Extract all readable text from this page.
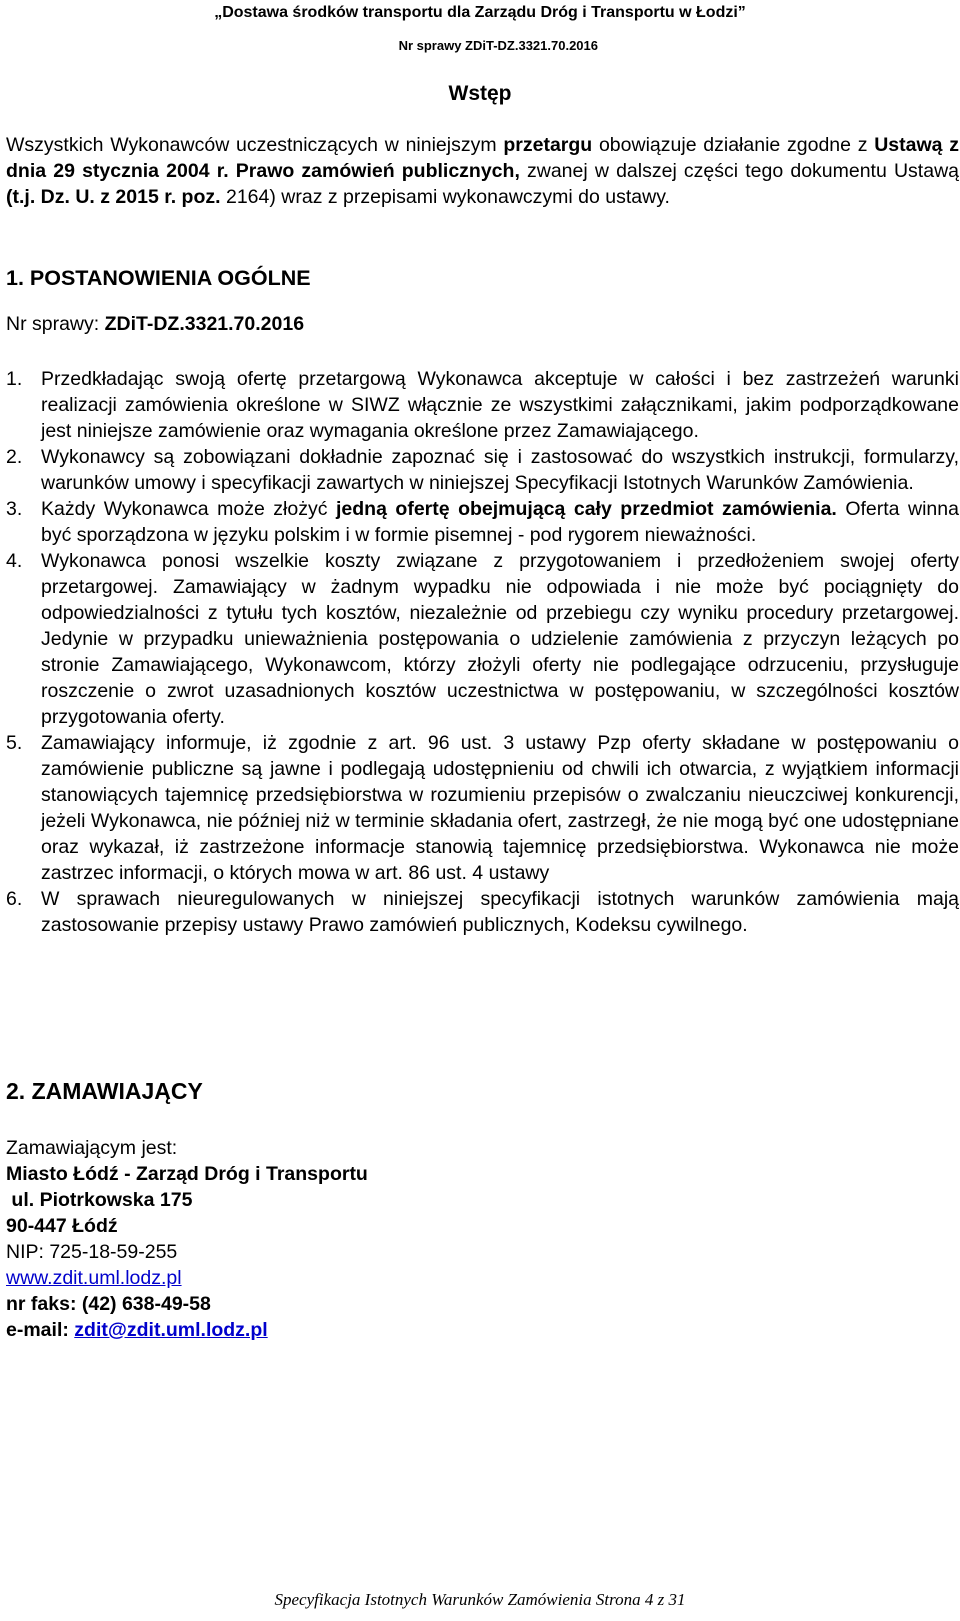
„Dostawa środków transportu dla Zarządu Dróg i Transportu w Łodzi”
Nr sprawy ZDiT-DZ.3321.70.2016
Wstęp
Wszystkich Wykonawców uczestniczących w niniejszym przetargu obowiązuje działanie zgodne z Ustawą z dnia 29 stycznia 2004 r. Prawo zamówień publicznych, zwanej w dalszej części tego dokumentu Ustawą (t.j. Dz. U. z 2015 r. poz. 2164) wraz z przepisami wykonawczymi do ustawy.
1. POSTANOWIENIA OGÓLNE
Nr sprawy: ZDiT-DZ.3321.70.2016
1. Przedkładając swoją ofertę przetargową Wykonawca akceptuje w całości i bez zastrzeżeń warunki realizacji zamówienia określone w SIWZ włącznie ze wszystkimi załącznikami, jakim podporządkowane jest niniejsze zamówienie oraz wymagania określone przez Zamawiającego.
2. Wykonawcy są zobowiązani dokładnie zapoznać się i zastosować do wszystkich instrukcji, formularzy, warunków umowy i specyfikacji zawartych w niniejszej Specyfikacji Istotnych Warunków Zamówienia.
3. Każdy Wykonawca może złożyć jedną ofertę obejmującą cały przedmiot zamówienia. Oferta winna być sporządzona w języku polskim i w formie pisemnej - pod rygorem nieważności.
4. Wykonawca ponosi wszelkie koszty związane z przygotowaniem i przedłożeniem swojej oferty przetargowej. Zamawiający w żadnym wypadku nie odpowiada i nie może być pociągnięty do odpowiedzialności z tytułu tych kosztów, niezależnie od przebiegu czy wyniku procedury przetargowej. Jedynie w przypadku unieważnienia postępowania o udzielenie zamówienia z przyczyn leżących po stronie Zamawiającego, Wykonawcom, którzy złożyli oferty nie podlegające odrzuceniu, przysługuje roszczenie o zwrot uzasadnionych kosztów uczestnictwa w postępowaniu, w szczególności kosztów przygotowania oferty.
5. Zamawiający informuje, iż zgodnie z art. 96 ust. 3 ustawy Pzp oferty składane w postępowaniu o zamówienie publiczne są jawne i podlegają udostępnieniu od chwili ich otwarcia, z wyjątkiem informacji stanowiących tajemnicę przedsiębiorstwa w rozumieniu przepisów o zwalczaniu nieuczciwej konkurencji, jeżeli Wykonawca, nie później niż w terminie składania ofert, zastrzegł, że nie mogą być one udostępniane oraz wykazał, iż zastrzeżone informacje stanowią tajemnicę przedsiębiorstwa. Wykonawca nie może zastrzec informacji, o których mowa w art. 86 ust. 4 ustawy
6. W sprawach nieuregulowanych w niniejszej specyfikacji istotnych warunków zamówienia mają zastosowanie przepisy ustawy Prawo zamówień publicznych, Kodeksu cywilnego.
2. ZAMAWIAJĄCY
Zamawiającym jest:
Miasto Łódź - Zarząd Dróg i Transportu
ul. Piotrkowska 175
90-447 Łódź
NIP: 725-18-59-255
www.zdit.uml.lodz.pl
nr faks: (42) 638-49-58
e-mail: zdit@zdit.uml.lodz.pl
Specyfikacja Istotnych Warunków Zamówienia Strona 4 z 31
